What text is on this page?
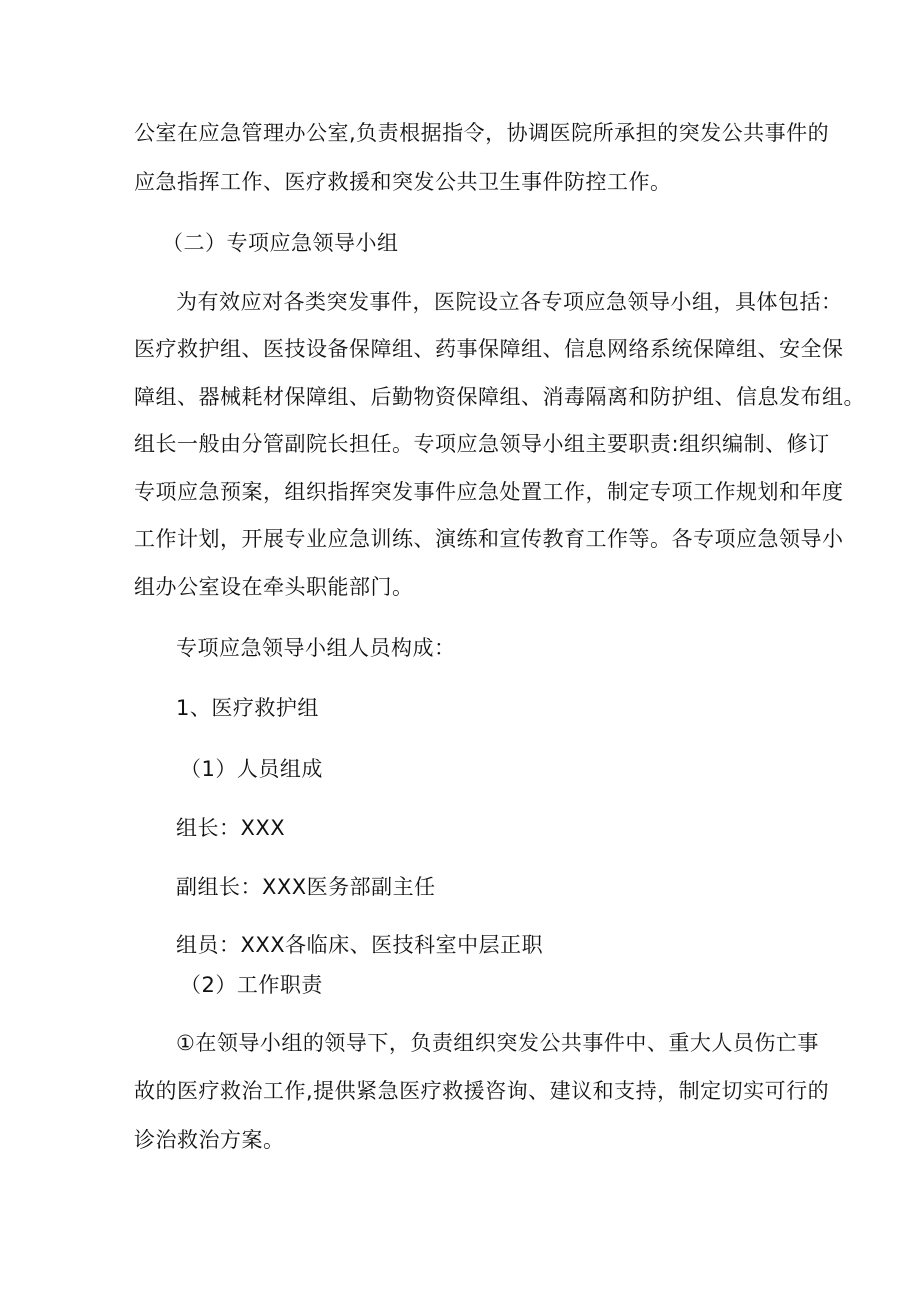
公室在应急管理办公室,负责根据指令，协调医院所承担的突发公共事件的
应急指挥工作、医疗救援和突发公共卫生事件防控工作。
（二）专项应急领导小组
为有效应对各类突发事件，医院设立各专项应急领导小组，具体包括：
医疗救护组、医技设备保障组、药事保障组、信息网络系统保障组、安全保
障组、器械耗材保障组、后勤物资保障组、消毒隔离和防护组、信息发布组。
组长一般由分管副院长担任。专项应急领导小组主要职责:组织编制、修订
专项应急预案，组织指挥突发事件应急处置工作，制定专项工作规划和年度
工作计划，开展专业应急训练、演练和宣传教育工作等。各专项应急领导小
组办公室设在牵头职能部门。
专项应急领导小组人员构成：
1、医疗救护组
（1）人员组成
组长：XXX
副组长：XXX医务部副主任
组员：XXX各临床、医技科室中层正职
（2）工作职责
①在领导小组的领导下，负责组织突发公共事件中、重大人员伤亡事
故的医疗救治工作,提供紧急医疗救援咨询、建议和支持，制定切实可行的
诊治救治方案。
